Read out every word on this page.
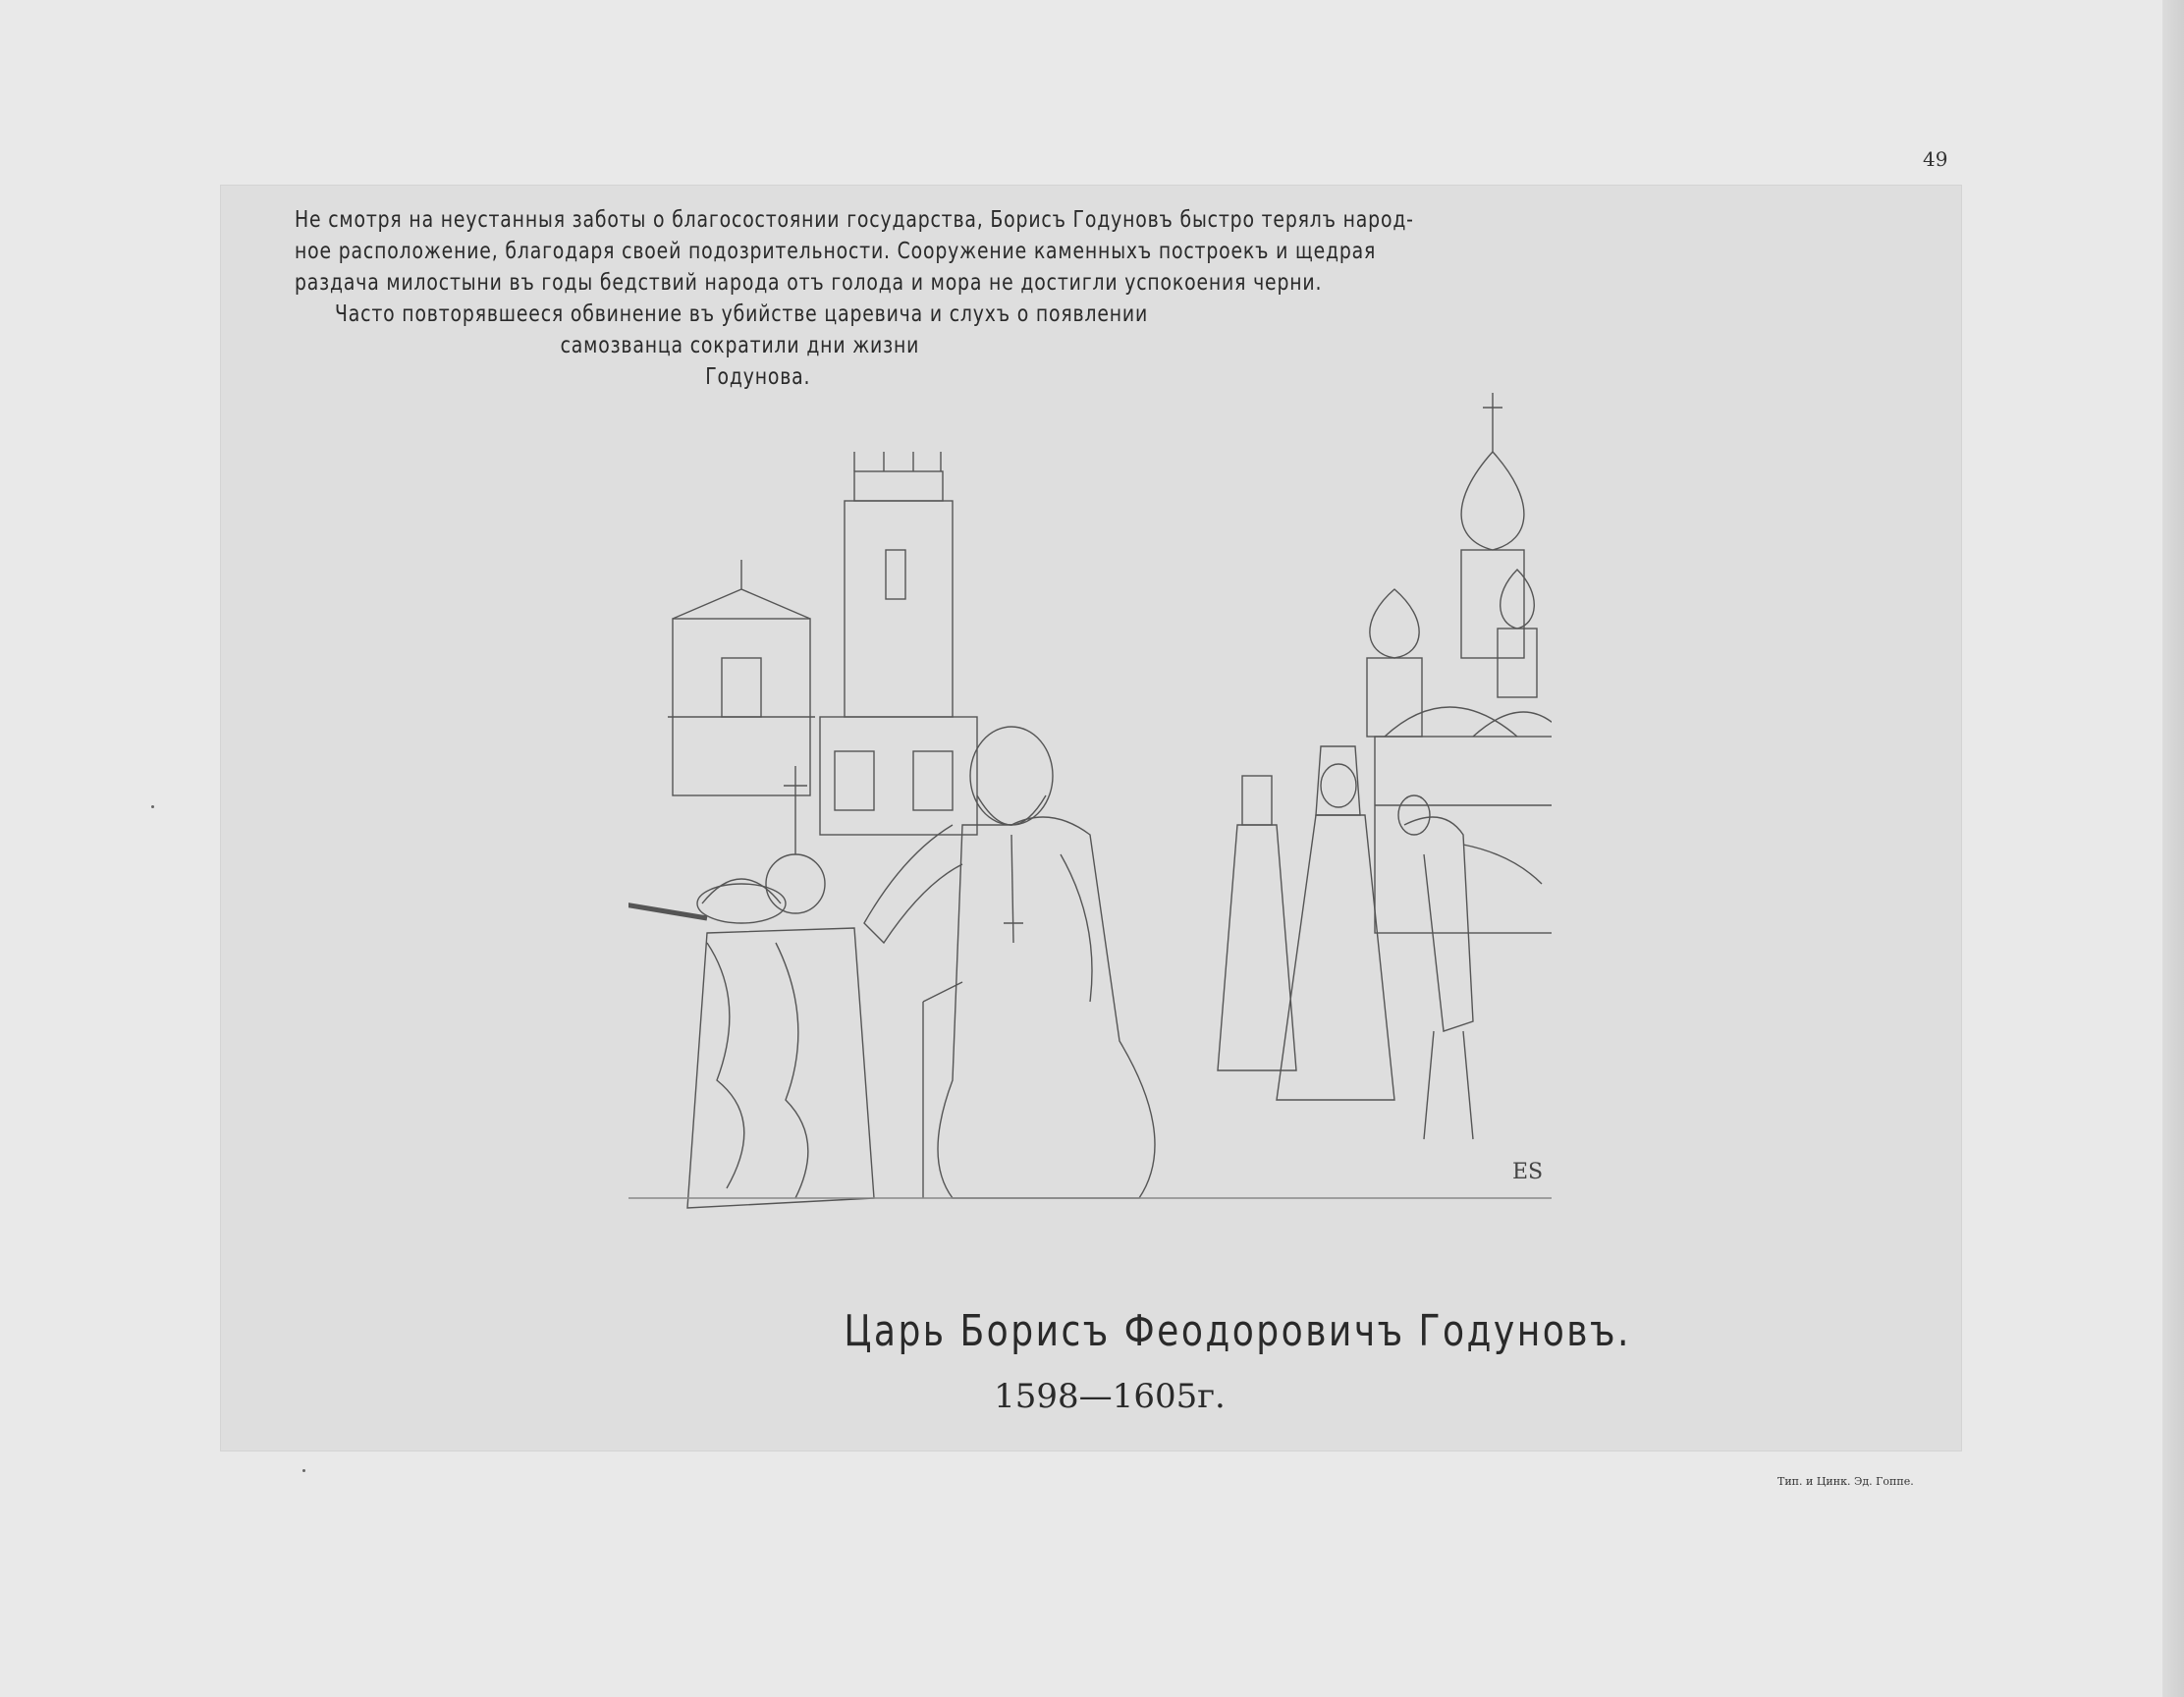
49
Не смотря на неустанныя заботы о благосостоянии государства, Борисъ Годуновъ быстро терялъ народ-
ное расположение, благодаря своей подозрительности. Сооружение каменныхъ построекъ и щедрая
раздача милостыни въ годы бедствий народа отъ голода и мора не достигли успокоения черни.
Часто повторявшееся обвинение въ убийстве царевича и слухъ о появлении
самозванца сократили дни жизни
Годунова.
ЕЅ
Царь Борисъ Феодоровичъ Годуновъ.
1598—1605г.
Тип. и Цинк. Эд. Гоппе.
